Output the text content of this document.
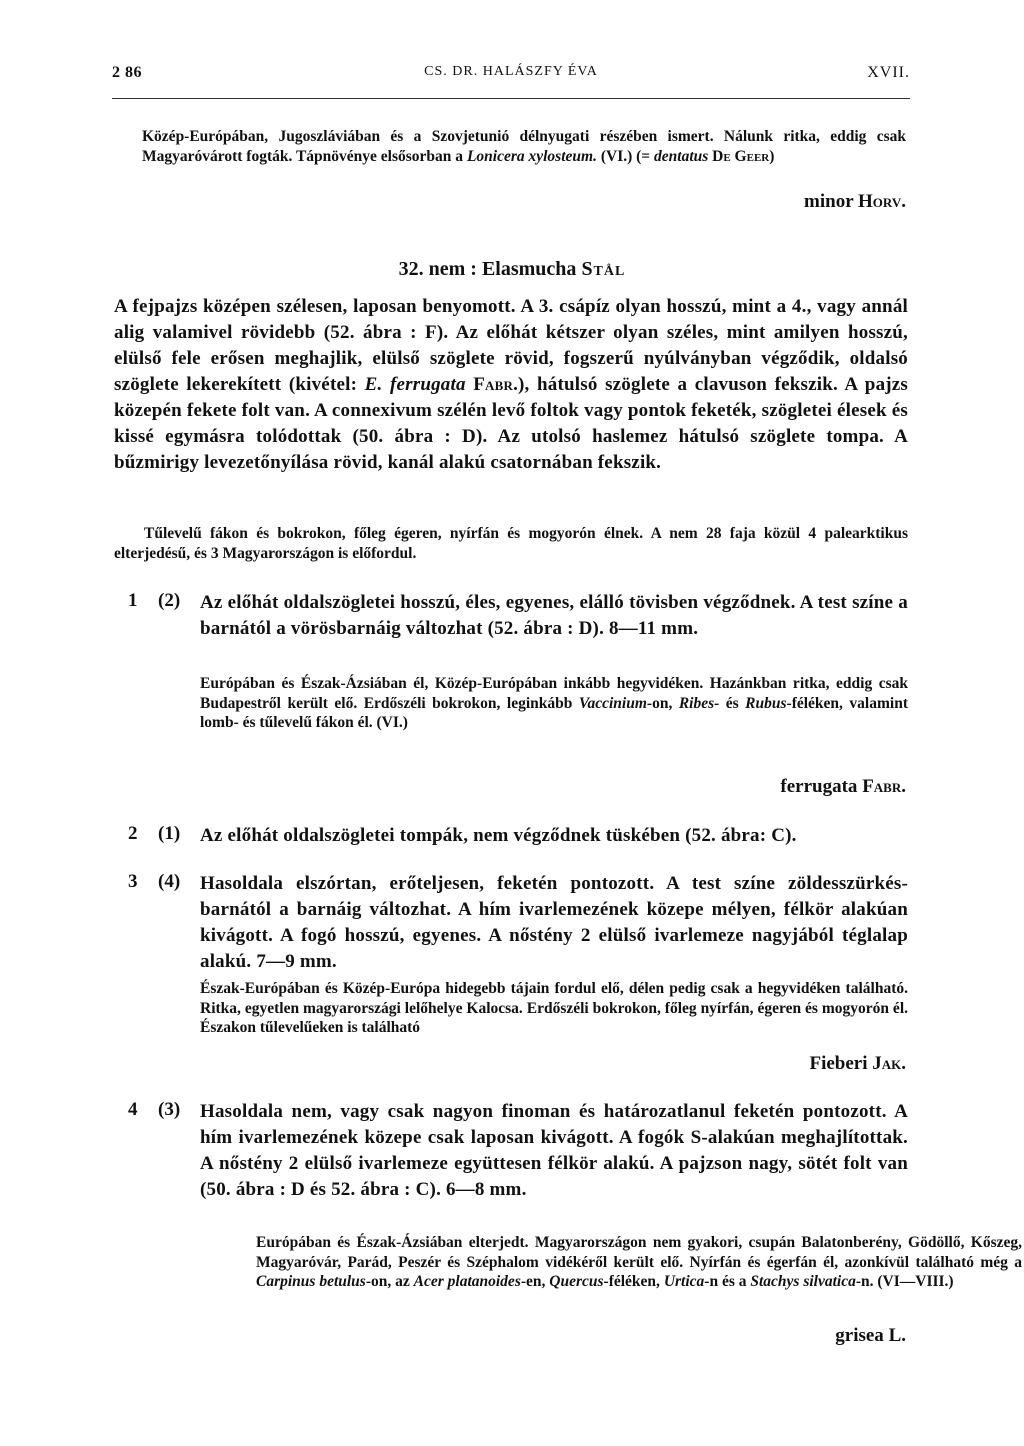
2 86	CS. DR. HALÁSZFY ÉVA	XVII.
Közép-Európában, Jugoszláviában és a Szovjetunió délnyugati részében ismert. Nálunk ritka, eddig csak Magyaróvárott fogták. Tápnövénye elsősorban a Lonicera xylosteum. (VI.) (= dentatus De Geer)
minor Horv.
32. nem : Elasmucha Stål
A fejpajzs középen szélesen, laposan benyomott. A 3. csápíz olyan hosszú, mint a 4., vagy annál alig valamivel rövidebb (52. ábra : F). Az előhát kétszer olyan széles, mint amilyen hosszú, elülső fele erősen meghajlik, elülső szöglete rövid, fogszerű nyúlványban végződik, oldalsó szöglete lekerekített (kivétel: E. ferrugata Fabr.), hátulsó szöglete a clavuson fekszik. A pajzs közepén fekete folt van. A connexivum szélén levő foltok vagy pontok feketék, szögletei élesek és kissé egymásra tolódottak (50. ábra : D). Az utolsó haslemez hátulsó szöglete tompa. A bűzmirigy levezetőnyílása rövid, kanál alakú csatornában fekszik.
Tűlevelű fákon és bokrokon, főleg égeren, nyírfán és mogyorón élnek. A nem 28 faja közül 4 palearktikus elterjedésű, és 3 Magyarországon is előfordul.
1 (2) Az előhát oldalszögletei hosszú, éles, egyenes, elálló tövisben végződnek. A test színe a barnától a vörösbarnáig változhat (52. ábra : D). 8—11 mm.
Európában és Észak-Ázsiában él, Közép-Európában inkább hegyvidéken. Hazánkban ritka, eddig csak Budapestről került elő. Erdőszéli bokrokon, leginkább Vaccinium-on, Ribes- és Rubus-féléken, valamint lomb- és tűlevelű fákon él. (VI.)
ferrugata Fabr.
2 (1) Az előhát oldalszögletei tompák, nem végződnek tüskében (52. ábra: C).
3 (4) Hasoldala elszórtan, erőteljesen, feketén pontozott. A test színe zöldesszürkés-barnától a barnáig változhat. A hím ivarlemezének közepe mélyen, félkör alakúan kivágott. A fogó hosszú, egyenes. A nőstény 2 elülső ivarlemeze nagyjából téglalap alakú. 7—9 mm.
Észak-Európában és Közép-Európa hidegebb tájain fordul elő, délen pedig csak a hegyvidéken található. Ritka, egyetlen magyarországi lelőhelye Kalocsa. Erdőszéli bokrokon, főleg nyírfán, égeren és mogyorón él. Északon tűlevelűeken is található
Fieberi Jak.
4 (3) Hasoldala nem, vagy csak nagyon finoman és határozatlanul feketén pontozott. A hím ivarlemezének közepe csak laposan kivágott. A fogók S-alakúan meghajlítottak. A nőstény 2 elülső ivarlemeze együttesen félkör alakú. A pajzson nagy, sötét folt van (50. ábra : D és 52. ábra : C). 6—8 mm.
Európában és Észak-Ázsiában elterjedt. Magyarországon nem gyakori, csupán Balatonberény, Gödöllő, Kőszeg, Magyaróvár, Parád, Peszér és Széphalom vidékéről került elő. Nyírfán és égerfán él, azonkívül található még a Carpinus betulus-on, az Acer platanoides-en, Quercus-féléken, Urtica-n és a Stachys silvatica-n. (VI—VIII.)
grisea L.
